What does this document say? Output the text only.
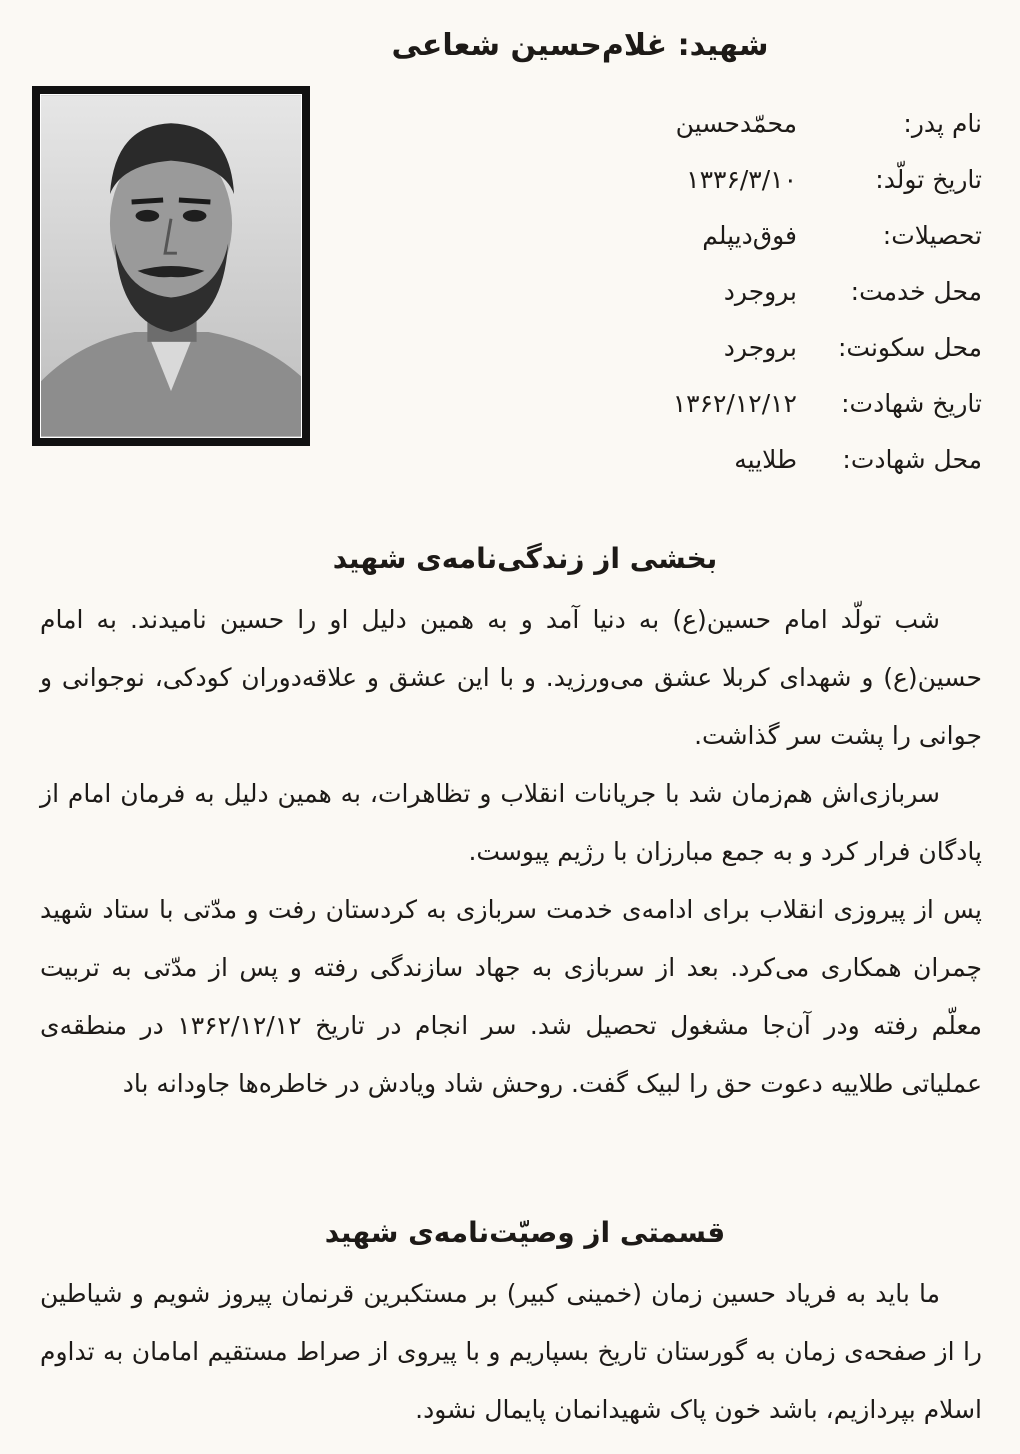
شهید: غلام‌حسین شعاعی
نام پدر:
محمّدحسین
تاریخ تولّد:
۱۳۳۶/۳/۱۰
تحصیلات:
فوق‌دیپلم
محل خدمت:
بروجرد
محل سکونت:
بروجرد
تاریخ شهادت:
۱۳۶۲/۱۲/۱۲
محل شهادت:
طلاییه
بخشی از زندگی‌نامه‌ی شهید

شب تولّد امام حسین(ع) به دنیا آمد و به همین دلیل او را حسین نامیدند. به امام حسین(ع) و شهدای کربلا عشق می‌ورزید. و با این عشق و علاقه‌دوران کودکی، نوجوانی و جوانی را پشت سر گذاشت.

سربازی‌اش هم‌زمان شد با جریانات انقلاب و تظاهرات، به همین دلیل به فرمان امام از پادگان فرار کرد و به جمع مبارزان با رژیم پیوست.

پس از پیروزی انقلاب برای ادامه‌ی خدمت سربازی به کردستان رفت و مدّتی با ستاد شهید چمران همکاری می‌کرد. بعد از سربازی به جهاد سازندگی رفته و پس از مدّتی به تربیت معلّم رفته ودر آن‌جا مشغول تحصیل شد. سر انجام در تاریخ ۱۳۶۲/۱۲/۱۲ در منطقه‌ی عملیاتی طلاییه دعوت حق را لبیک گفت. روحش شاد ویادش در خاطره‌ها جاودانه باد

قسمتی از وصیّت‌نامه‌ی شهید

ما باید به فریاد حسین زمان (خمینی کبیر) بر مستکبرین قرنمان پیروز شویم و شیاطین را از صفحه‌ی زمان به گورستان تاریخ بسپاریم و با پیروی از صراط مستقیم امامان به تداوم اسلام بپردازیم، باشد خون پاک شهیدانمان پایمال نشود.
